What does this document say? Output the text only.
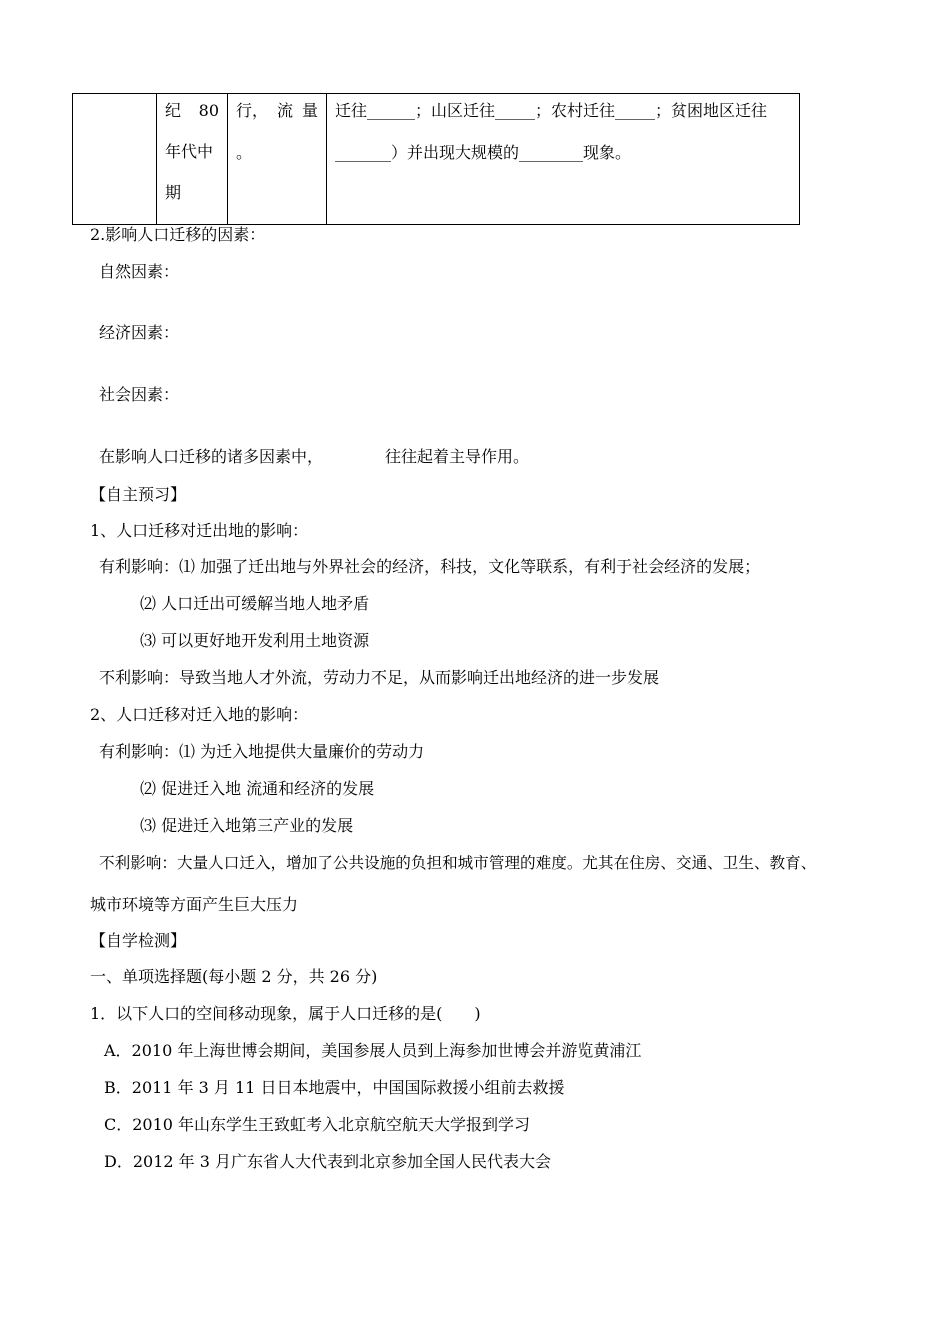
纪 80
年代中
期

行， 流 量
。

迁往______；山区迁往_____；农村迁往_____；贫困地区迁往
_______）并出现大规模的________现象。
2.影响人口迁移的因素：
自然因素：
经济因素：
社会因素：
在影响人口迁移的诸多因素中，	往往起着主导作用。
【自主预习】
1、人口迁移对迁出地的影响：
有利影响：⑴ 加强了迁出地与外界社会的经济，科技，文化等联系，有利于社会经济的发展；
⑵ 人口迁出可缓解当地人地矛盾
⑶ 可以更好地开发利用土地资源
不利影响：导致当地人才外流，劳动力不足，从而影响迁出地经济的进一步发展
2、人口迁移对迁入地的影响：
有利影响：⑴ 为迁入地提供大量廉价的劳动力
⑵ 促进迁入地 流通和经济的发展
⑶ 促进迁入地第三产业的发展
不利影响：大量人口迁入，增加了公共设施的负担和城市管理的难度。尤其在住房、交通、卫生、教育、
城市环境等方面产生巨大压力
【自学检测】
一、单项选择题(每小题 2 分，共 26 分)
1．以下人口的空间移动现象，属于人口迁移的是(　　)
A．2010 年上海世博会期间，美国参展人员到上海参加世博会并游览黄浦江
B．2011 年 3 月 11 日日本地震中，中国国际救援小组前去救援
C．2010 年山东学生王致虹考入北京航空航天大学报到学习
D．2012 年 3 月广东省人大代表到北京参加全国人民代表大会
